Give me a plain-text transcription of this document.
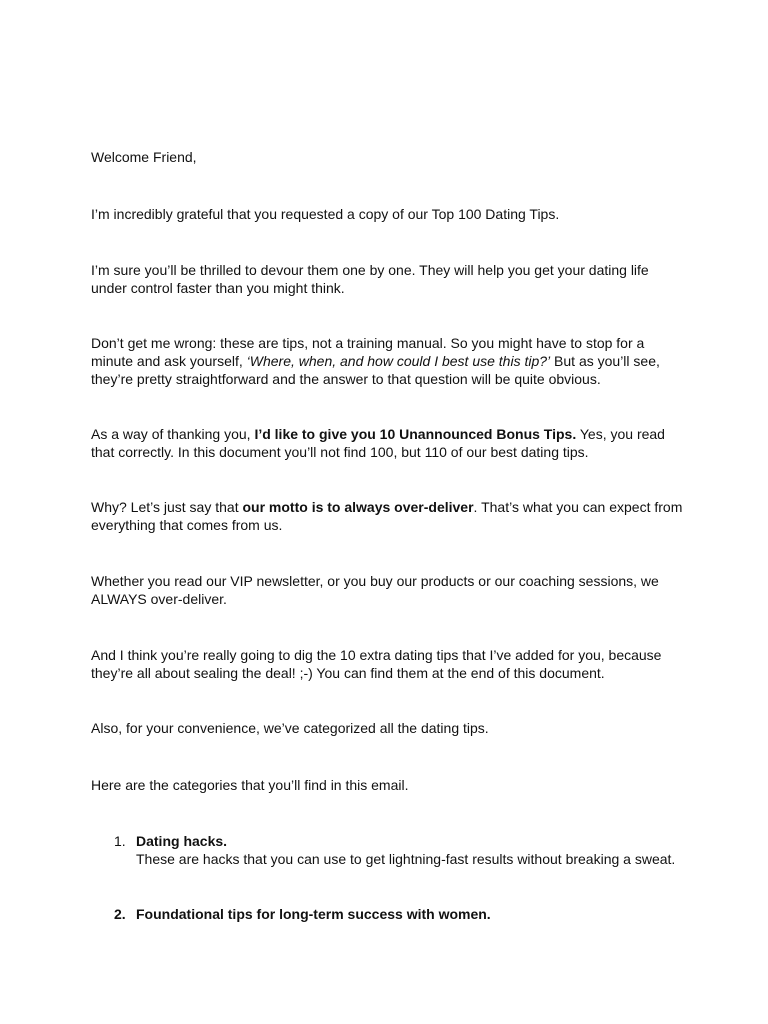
Welcome Friend,

I’m incredibly grateful that you requested a copy of our Top 100 Dating Tips.

I’m sure you’ll be thrilled to devour them one by one. They will help you get your dating life
under control faster than you might think.

Don’t get me wrong: these are tips, not a training manual. So you might have to stop for a
minute and ask yourself, ‘Where, when, and how could I best use this tip?’ But as you’ll see,
they’re pretty straightforward and the answer to that question will be quite obvious.

As a way of thanking you, I’d like to give you 10 Unannounced Bonus Tips. Yes, you read
that correctly. In this document you’ll not find 100, but 110 of our best dating tips.

Why? Let’s just say that our motto is to always over-deliver. That’s what you can expect from
everything that comes from us.

Whether you read our VIP newsletter, or you buy our products or our coaching sessions, we
ALWAYS over-deliver.

And I think you’re really going to dig the 10 extra dating tips that I’ve added for you, because
they’re all about sealing the deal! ;-) You can find them at the end of this document.

Also, for your convenience, we’ve categorized all the dating tips.

Here are the categories that you’ll find in this email.

1. Dating hacks.
These are hacks that you can use to get lightning-fast results without breaking a sweat.

2. Foundational tips for long-term success with women.
